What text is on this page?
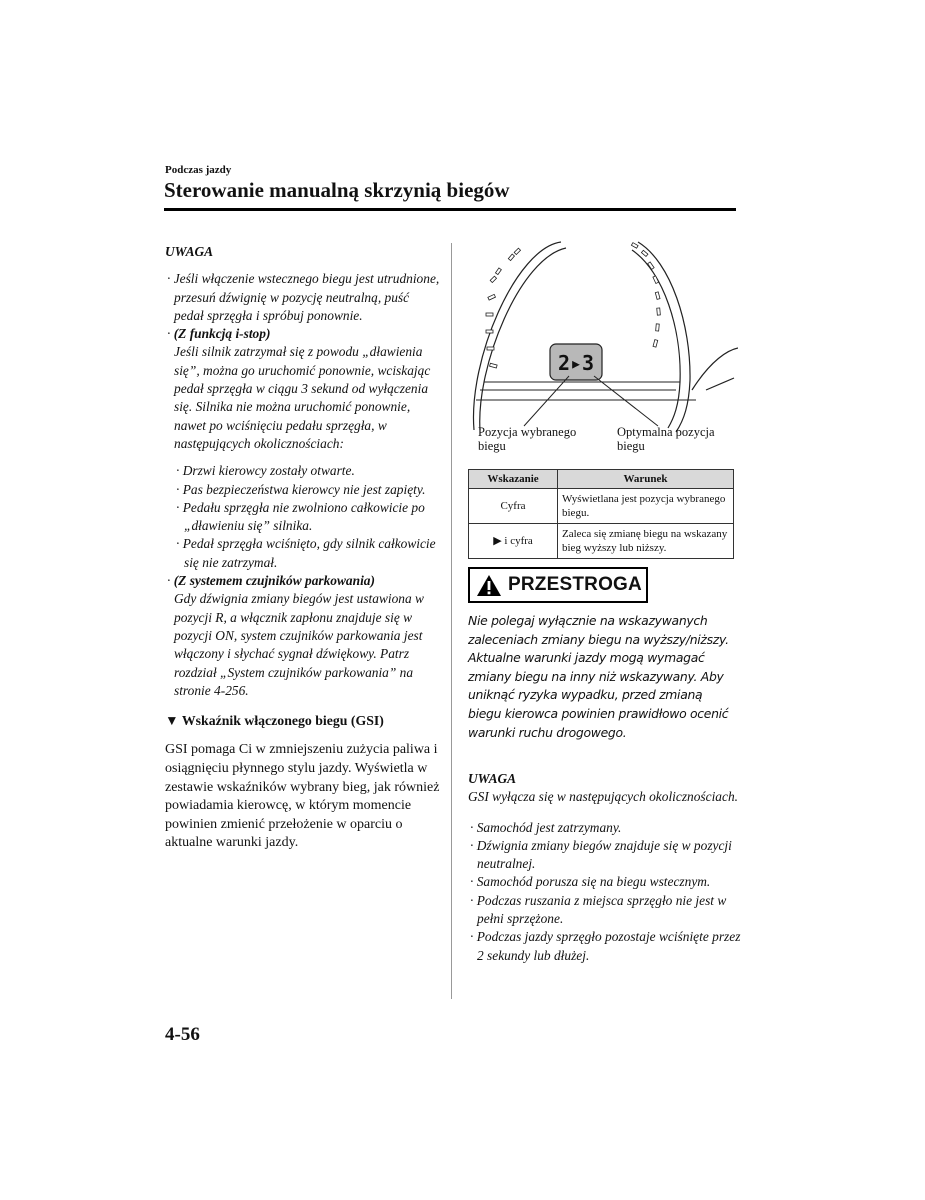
Podczas jazdy
Sterowanie manualną skrzynią biegów
UWAGA

· Jeśli włączenie wstecznego biegu jest utrudnione, przesuń dźwignię w pozycję neutralną, puść pedał sprzęgła i spróbuj ponownie.

· (Z funkcją i-stop)
Jeśli silnik zatrzymał się z powodu „dławienia się”, można go uruchomić ponownie, wciskając pedał sprzęgła w ciągu 3 sekund od wyłączenia się. Silnika nie można uruchomić ponownie, nawet po wciśnięciu pedału sprzęgła, w następujących okolicznościach:

· Drzwi kierowcy zostały otwarte.

· Pas bezpieczeństwa kierowcy nie jest zapięty.

· Pedału sprzęgła nie zwolniono całkowicie po „dławieniu się” silnika.

· Pedał sprzęgła wciśnięto, gdy silnik całkowicie się nie zatrzymał.

· (Z systemem czujników parkowania)
Gdy dźwignia zmiany biegów jest ustawiona w pozycji R, a włącznik zapłonu znajduje się w pozycji ON, system czujników parkowania jest włączony i słychać sygnał dźwiękowy. Patrz rozdział „System czujników parkowania” na stronie 4-256.

▼ Wskaźnik włączonego biegu (GSI)
GSI pomaga Ci w zmniejszeniu zużycia paliwa i osiągnięciu płynnego stylu jazdy. Wyświetla w zestawie wskaźników wybrany bieg, jak również powiadamia kierowcę, w którym momencie powinien zmienić przełożenie w oparciu o aktualne warunki jazdy.
2▸3
Pozycja wybranego biegu
Optymalna pozycja biegu
Wskazanie	Warunek
Cyfra	Wyświetlana jest pozycja wybranego biegu.
▶ i cyfra	Zaleca się zmianę biegu na wskazany bieg wyższy lub niższy.
PRZESTROGA
Nie polegaj wyłącznie na wskazywanych zaleceniach zmiany biegu na wyższy/niższy. Aktualne warunki jazdy mogą wymagać zmiany biegu na inny niż wskazywany. Aby uniknąć ryzyka wypadku, przed zmianą biegu kierowca powinien prawidłowo ocenić warunki ruchu drogowego.
UWAGA
GSI wyłącza się w następujących okolicznościach.

· Samochód jest zatrzymany.

· Dźwignia zmiany biegów znajduje się w pozycji neutralnej.

· Samochód porusza się na biegu wstecznym.

· Podczas ruszania z miejsca sprzęgło nie jest w pełni sprzężone.

· Podczas jazdy sprzęgło pozostaje wciśnięte przez 2 sekundy lub dłużej.

4-56
